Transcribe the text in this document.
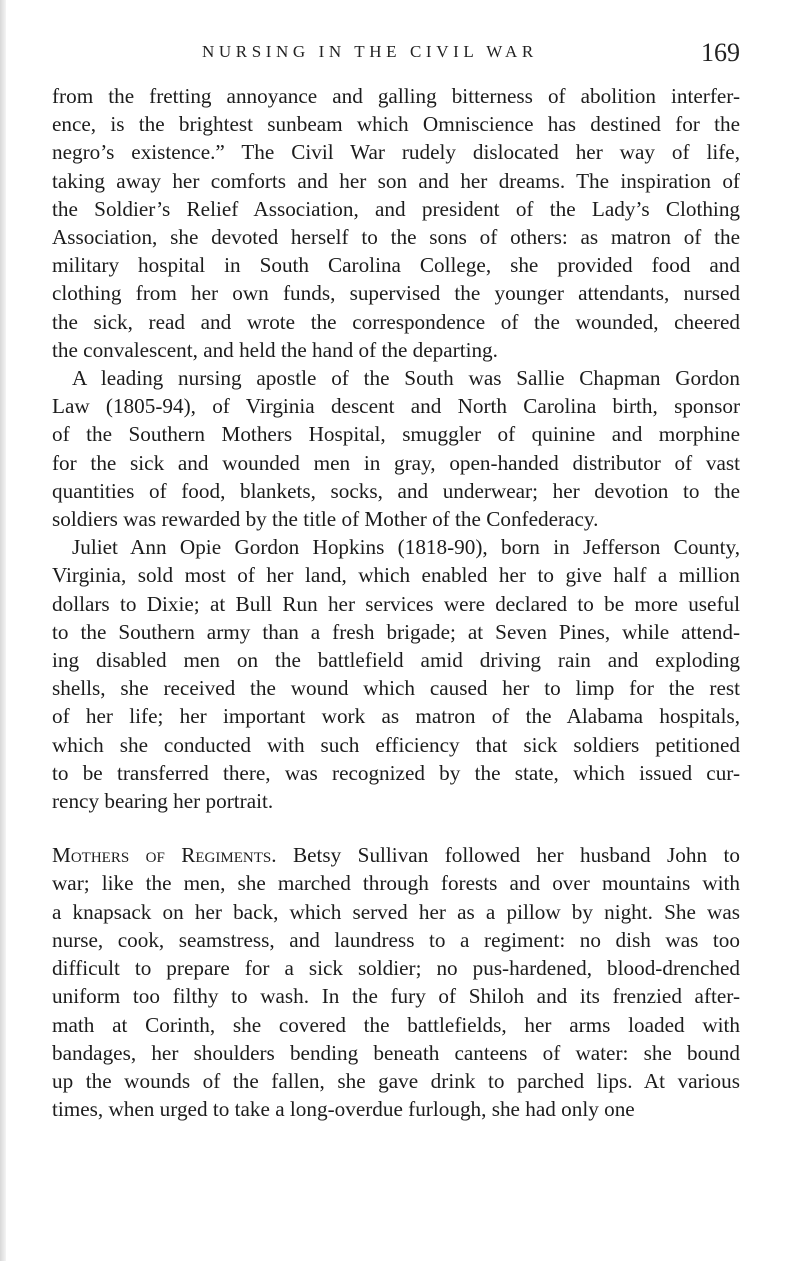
NURSING IN THE CIVIL WAR	169

from the fretting annoyance and galling bitterness of abolition interfer-
ence, is the brightest sunbeam which Omniscience has destined for the
negro’s existence.” The Civil War rudely dislocated her way of life,
taking away her comforts and her son and her dreams. The inspiration of
the Soldier’s Relief Association, and president of the Lady’s Clothing
Association, she devoted herself to the sons of others: as matron of the
military hospital in South Carolina College, she provided food and
clothing from her own funds, supervised the younger attendants, nursed
the sick, read and wrote the correspondence of the wounded, cheered
the convalescent, and held the hand of the departing.

A leading nursing apostle of the South was Sallie Chapman Gordon
Law (1805-94), of Virginia descent and North Carolina birth, sponsor
of the Southern Mothers Hospital, smuggler of quinine and morphine
for the sick and wounded men in gray, open-handed distributor of vast
quantities of food, blankets, socks, and underwear; her devotion to the
soldiers was rewarded by the title of Mother of the Confederacy.

Juliet Ann Opie Gordon Hopkins (1818-90), born in Jefferson County,
Virginia, sold most of her land, which enabled her to give half a million
dollars to Dixie; at Bull Run her services were declared to be more useful
to the Southern army than a fresh brigade; at Seven Pines, while attend-
ing disabled men on the battlefield amid driving rain and exploding
shells, she received the wound which caused her to limp for the rest
of her life; her important work as matron of the Alabama hospitals,
which she conducted with such efficiency that sick soldiers petitioned
to be transferred there, was recognized by the state, which issued cur-
rency bearing her portrait.

Mothers of Regiments. Betsy Sullivan followed her husband John to
war; like the men, she marched through forests and over mountains with
a knapsack on her back, which served her as a pillow by night. She was
nurse, cook, seamstress, and laundress to a regiment: no dish was too
difficult to prepare for a sick soldier; no pus-hardened, blood-drenched
uniform too filthy to wash. In the fury of Shiloh and its frenzied after-
math at Corinth, she covered the battlefields, her arms loaded with
bandages, her shoulders bending beneath canteens of water: she bound
up the wounds of the fallen, she gave drink to parched lips. At various
times, when urged to take a long-overdue furlough, she had only one
